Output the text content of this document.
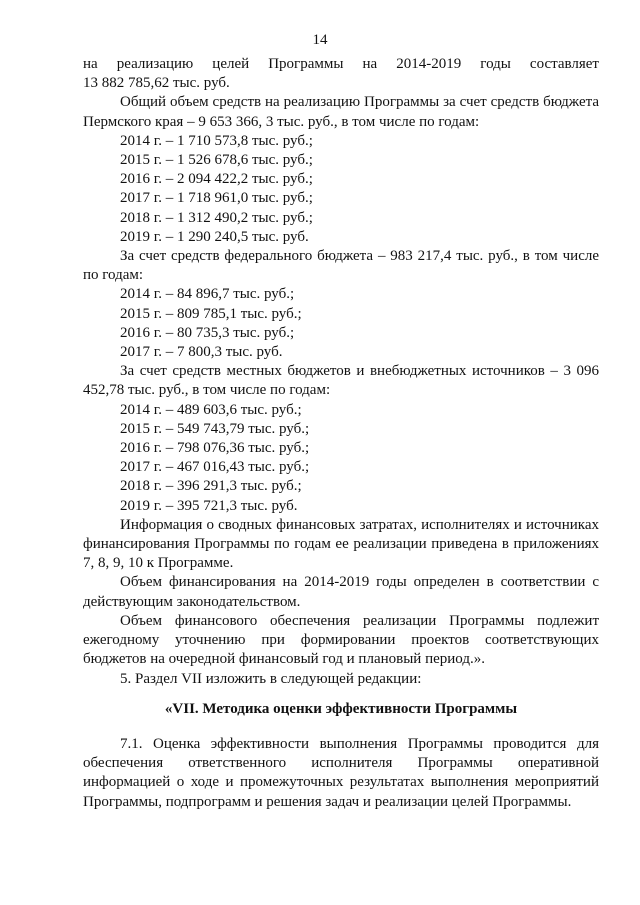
14

на реализацию целей Программы на 2014-2019 годы составляет

13 882 785,62 тыс. руб.

Общий объем средств на реализацию Программы за счет средств бюджета Пермского края – 9 653 366, 3 тыс. руб., в том числе по годам:

2014 г. – 1 710 573,8 тыс. руб.;

2015 г. – 1 526 678,6 тыс. руб.;

2016 г. – 2 094 422,2 тыс. руб.;

2017 г. – 1 718 961,0 тыс. руб.;

2018 г. – 1 312 490,2 тыс. руб.;

2019 г. – 1 290 240,5 тыс. руб.

За счет средств федерального бюджета – 983 217,4 тыс. руб., в том числе по годам:

2014 г. – 84 896,7 тыс. руб.;

2015 г. – 809 785,1 тыс. руб.;

2016 г. – 80 735,3 тыс. руб.;

2017 г. – 7 800,3 тыс. руб.

За счет средств местных бюджетов и внебюджетных источников – 3 096 452,78 тыс. руб., в том числе по годам:

2014 г. – 489 603,6 тыс. руб.;

2015 г. – 549 743,79 тыс. руб.;

2016 г. – 798 076,36 тыс. руб.;

2017 г. – 467 016,43 тыс. руб.;

2018 г. – 396 291,3 тыс. руб.;

2019 г. – 395 721,3 тыс. руб.

Информация о сводных финансовых затратах, исполнителях и источниках финансирования Программы по годам ее реализации приведена в приложениях 7, 8, 9, 10 к Программе.

Объем финансирования на 2014-2019 годы определен в соответствии с действующим законодательством.

Объем финансового обеспечения реализации Программы подлежит ежегодному уточнению при формировании проектов соответствующих бюджетов на очередной финансовый год и плановый период.».

5. Раздел VII изложить в следующей редакции:

«VII. Методика оценки эффективности Программы

7.1. Оценка эффективности выполнения Программы проводится для обеспечения ответственного исполнителя Программы оперативной информацией о ходе и промежуточных результатах выполнения мероприятий Программы, подпрограмм и решения задач и реализации целей Программы.
